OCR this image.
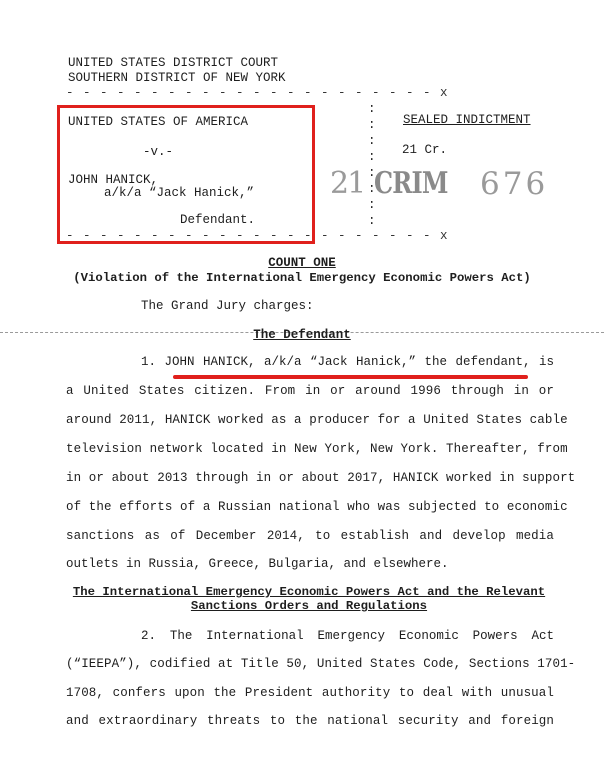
UNITED STATES DISTRICT COURT
SOUTHERN DISTRICT OF NEW YORK
- - - - - - - - - - - - - - - - - - - - - - x
- - - - - - - - - - - - - - - - - - - - - - x
:
:
:
:
:
:
:
:
UNITED STATES OF AMERICA
-v.-
JOHN HANICK,
a/k/a “Jack Hanick,”
Defendant.
SEALED INDICTMENT
21 Cr.
21 CRIM 676
COUNT ONE
(Violation of the International Emergency Economic Powers Act)
The Grand Jury charges:
The Defendant
1. JOHN HANICK, a/k/a “Jack Hanick,” the defendant, is
a United States citizen. From in or around 1996 through in or
around 2011, HANICK worked as a producer for a United States cable
television network located in New York, New York. Thereafter, from
in or about 2013 through in or about 2017, HANICK worked in support
of the efforts of a Russian national who was subjected to economic
sanctions as of December 2014, to establish and develop media
outlets in Russia, Greece, Bulgaria, and elsewhere.
The International Emergency Economic Powers Act and the Relevant
Sanctions Orders and Regulations
2. The International Emergency Economic Powers Act
(“IEEPA”), codified at Title 50, United States Code, Sections 1701-
1708, confers upon the President authority to deal with unusual
and extraordinary threats to the national security and foreign
